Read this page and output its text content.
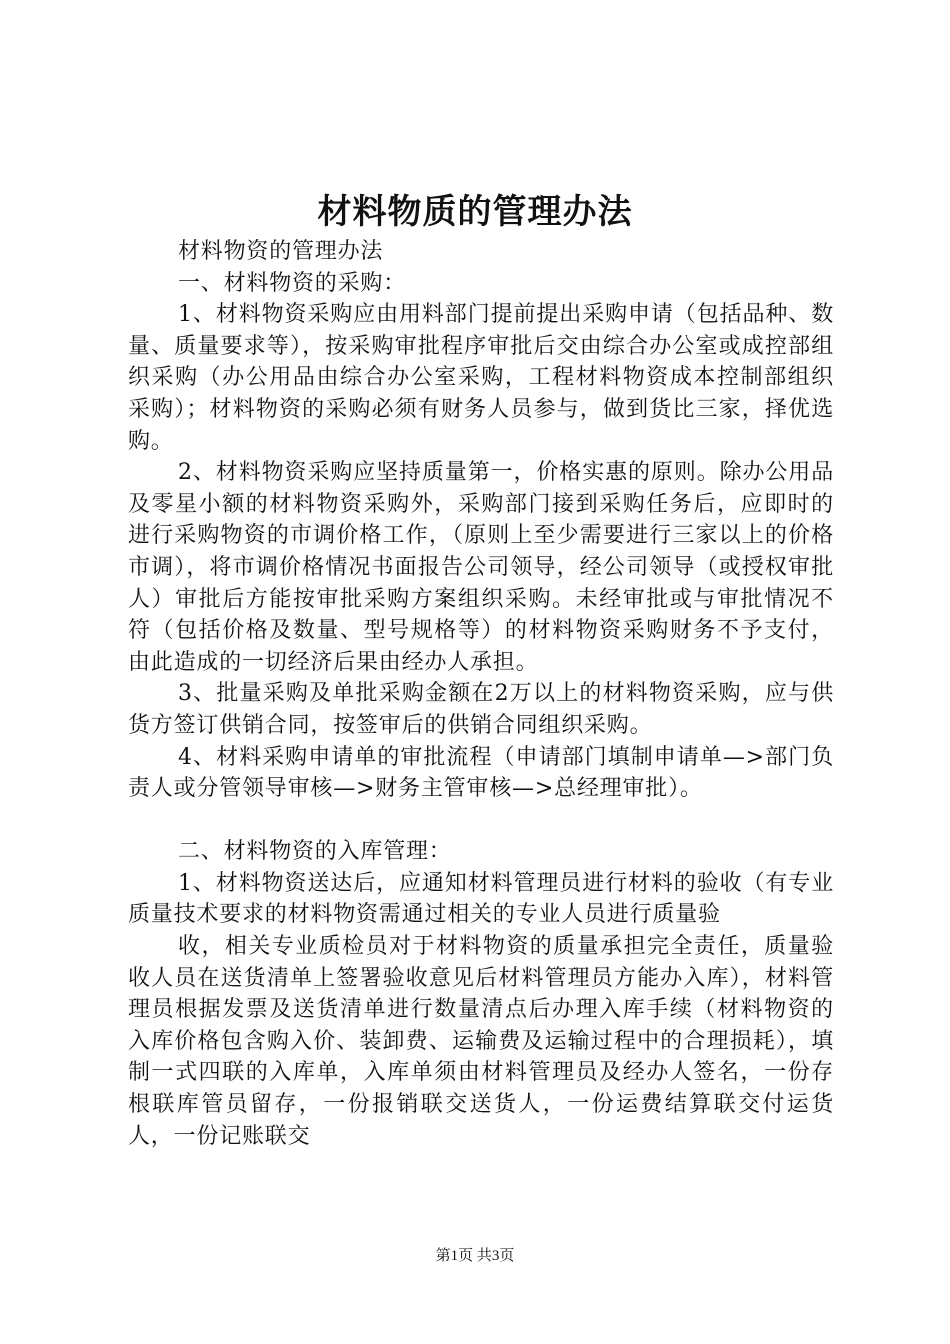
材料物质的管理办法

材料物资的管理办法

一、材料物资的采购：

1、材料物资采购应由用料部门提前提出采购申请（包括品种、数量、质量要求等），按采购审批程序审批后交由综合办公室或成控部组织采购（办公用品由综合办公室采购，工程材料物资成本控制部组织采购）；材料物资的采购必须有财务人员参与，做到货比三家，择优选购。

2、材料物资采购应坚持质量第一，价格实惠的原则。除办公用品及零星小额的材料物资采购外，采购部门接到采购任务后，应即时的进行采购物资的市调价格工作，（原则上至少需要进行三家以上的价格市调），将市调价格情况书面报告公司领导，经公司领导（或授权审批人）审批后方能按审批采购方案组织采购。未经审批或与审批情况不符（包括价格及数量、型号规格等）的材料物资采购财务不予支付，由此造成的一切经济后果由经办人承担。

3、批量采购及单批采购金额在2万以上的材料物资采购，应与供货方签订供销合同，按签审后的供销合同组织采购。

4、材料采购申请单的审批流程（申请部门填制申请单—>部门负责人或分管领导审核—>财务主管审核—>总经理审批）。

二、材料物资的入库管理：

1、材料物资送达后，应通知材料管理员进行材料的验收（有专业质量技术要求的材料物资需通过相关的专业人员进行质量验

收，相关专业质检员对于材料物资的质量承担完全责任，质量验收人员在送货清单上签署验收意见后材料管理员方能办入库），材料管理员根据发票及送货清单进行数量清点后办理入库手续（材料物资的入库价格包含购入价、装卸费、运输费及运输过程中的合理损耗），填制一式四联的入库单，入库单须由材料管理员及经办人签名，一份存根联库管员留存，一份报销联交送货人，一份运费结算联交付运货人，一份记账联交

第1页 共3页
